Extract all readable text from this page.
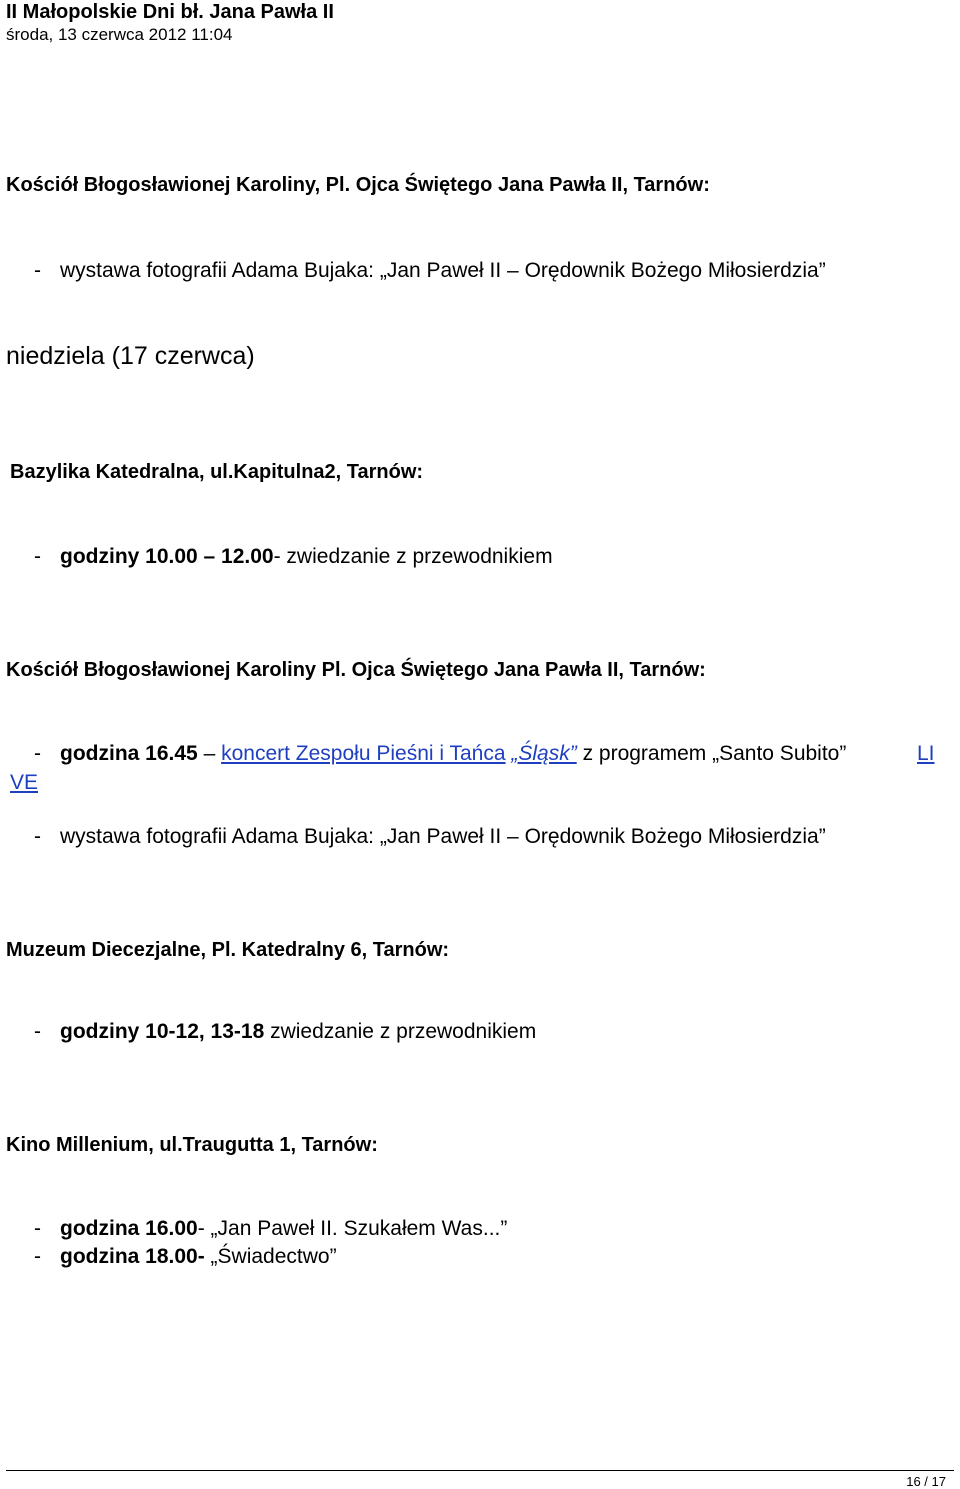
II Małopolskie Dni bł. Jana Pawła II
środa, 13 czerwca 2012 11:04
Kościół Błogosławionej Karoliny, Pl. Ojca Świętego Jana Pawła II, Tarnów:
- wystawa fotografii Adama Bujaka: „Jan Paweł II – Orędownik Bożego Miłosierdzia”
niedziela (17 czerwca)
Bazylika Katedralna, ul.Kapitulna2, Tarnów:
- godziny 10.00 – 12.00- zwiedzanie z przewodnikiem
Kościół Błogosławionej Karoliny Pl. Ojca Świętego Jana Pawła II, Tarnów:
- godzina 16.45 – koncert Zespołu Pieśni i Tańca „Śląsk” z programem „Santo Subito”	LI
VE
- wystawa fotografii Adama Bujaka: „Jan Paweł II – Orędownik Bożego Miłosierdzia”
Muzeum Diecezjalne, Pl. Katedralny 6, Tarnów:
- godziny 10-12, 13-18 zwiedzanie z przewodnikiem
Kino Millenium, ul.Traugutta 1, Tarnów:
- godzina 16.00- „Jan Paweł II. Szukałem Was...”
- godzina 18.00- „Świadectwo”
16 / 17
